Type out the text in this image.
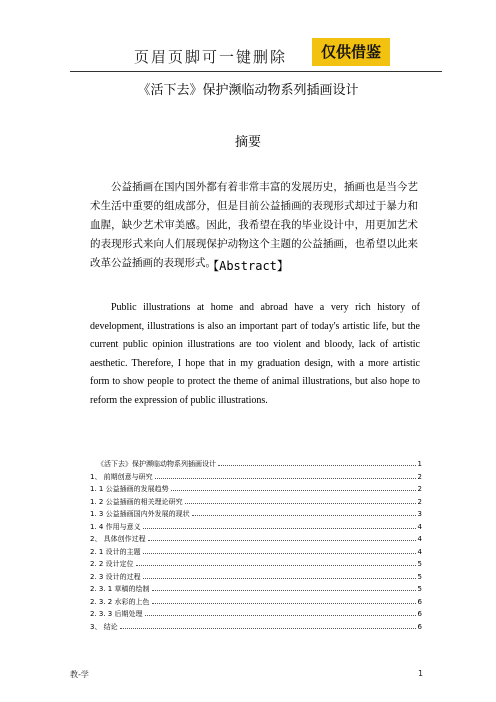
页眉页脚可一键删除	仅供借鉴
《活下去》保护濒临动物系列插画设计
摘要

公益插画在国内国外都有着非常丰富的发展历史，插画也是当今艺术生活中重要的组成部分，但是目前公益插画的表现形式却过于暴力和血腥，缺少艺术审美感。因此，我希望在我的毕业设计中，用更加艺术的表现形式来向人们展现保护动物这个主题的公益插画，也希望以此来改革公益插画的表现形式。

【Abstract】

Public illustrations at home and abroad have a very rich history of development, illustrations is also an important part of today's artistic life, but the current public opinion illustrations are too violent and bloody, lack of artistic aesthetic. Therefore, I hope that in my graduation design, with a more artistic form to show people to protect the theme of animal illustrations, but also hope to reform the expression of public illustrations.

《活下去》保护濒临动物系列插画设计	1
1、 前期创意与研究	2
1. 1 公益插画的发展趋势	2
1. 2 公益插画的相关理论研究	2
1. 3 公益插画国内外发展的现状	3
1. 4 作用与意义	4
2、 具体创作过程	4
2. 1 设计的主题	4
2. 2 设计定位	5
2. 3 设计的过程	5
2. 3. 1 草稿的绘制	5
2. 3. 2 水彩的上色	6
2. 3. 3 后期处理	6
3、 结论	6
教-学	1
